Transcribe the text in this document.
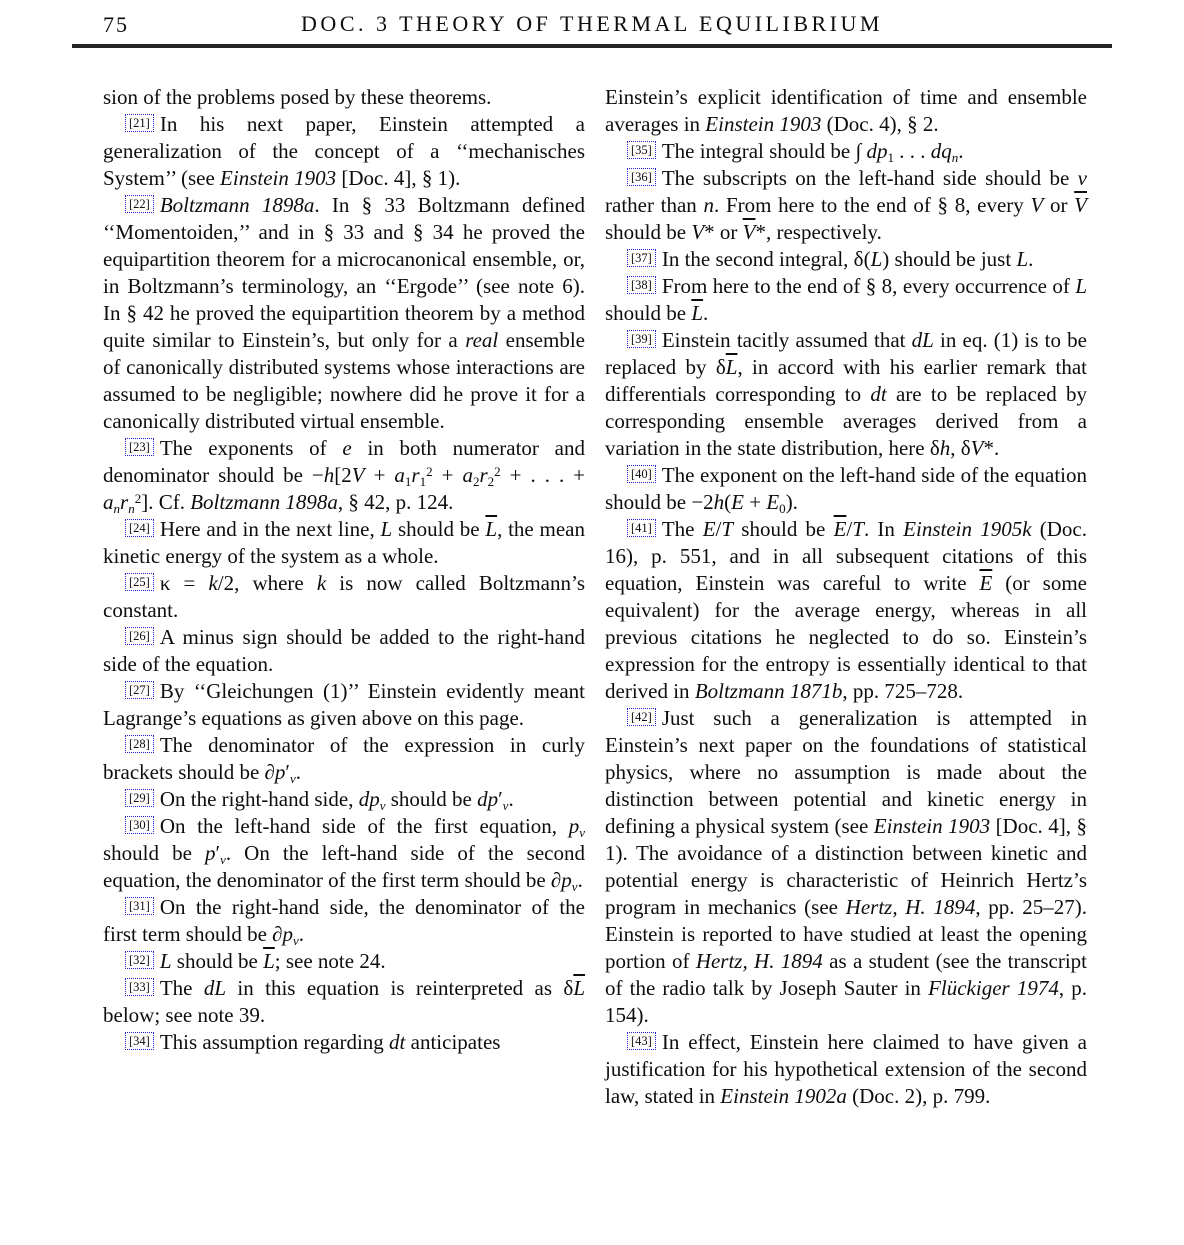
75	DOC. 3 THEORY OF THERMAL EQUILIBRIUM

sion of the problems posed by these theorems.

[21] In his next paper, Einstein attempted a generalization of the concept of a ‘‘mechanisches System’’ (see Einstein 1903 [Doc. 4], § 1).

[22] Boltzmann 1898a. In § 33 Boltzmann defined ‘‘Momentoiden,’’ and in § 33 and § 34 he proved the equipartition theorem for a microcanonical ensemble, or, in Boltzmann’s terminology, an ‘‘Ergode’’ (see note 6). In § 42 he proved the equipartition theorem by a method quite similar to Einstein’s, but only for a real ensemble of canonically distributed systems whose interactions are assumed to be negligible; nowhere did he prove it for a canonically distributed virtual ensemble.

[23] The exponents of e in both numerator and denominator should be $-h[2V + a1r1^2 + a2r2^2$ + . . . + anrn$^2$]. Cf. Boltzmann 1898a, § 42, p. 124.

[24] Here and in the next line, L should be $\overline{L}$, the mean kinetic energy of the system as a whole.

[25] κ = k/2, where k is now called Boltzmann’s constant.

[26] A minus sign should be added to the right-hand side of the equation.

[27] By ‘‘Gleichungen (1)’’ Einstein evidently meant Lagrange’s equations as given above on this page.

[28] The denominator of the expression in curly brackets should be ∂p′ν.

[29] On the right-hand side, dpν should be dp′ν.

[30] On the left-hand side of the first equation, pν should be p′ν. On the left-hand side of the second equation, the denominator of the first term should be ∂pν.

[31] On the right-hand side, the denominator of the first term should be ∂pν.

[32] L should be $\overline{L}$; see note 24.

[33] The dL in this equation is reinterpreted as $\delta\overline{L}$ below; see note 39.

[34] This assumption regarding dt anticipates

Einstein’s explicit identification of time and ensemble averages in Einstein 1903 (Doc. 4), § 2.

[35] The integral should be ∫ dp1 . . . dqn.

[36] The subscripts on the left-hand side should be ν rather than n. From here to the end of § 8, every V or $\overline{V}$ should be V* or $\overline{V}*$, respectively.

[37] In the second integral, δ(L) should be just L.

[38] From here to the end of § 8, every occurrence of L should be $\overline{L}$.

[39] Einstein tacitly assumed that dL in eq. (1) is to be replaced by $\delta\overline{L}$, in accord with his earlier remark that differentials corresponding to dt are to be replaced by corresponding ensemble averages derived from a variation in the state distribution, here δh, δV*.

[40] The exponent on the left-hand side of the equation should be −2h(E + E0).

[41] The E/T should be $\overline{E}/T$. In Einstein 1905k (Doc. 16), p. 551, and in all subsequent citations of this equation, Einstein was careful to write $\overline{E}$ (or some equivalent) for the average energy, whereas in all previous citations he neglected to do so. Einstein’s expression for the entropy is essentially identical to that derived in Boltzmann 1871b, pp. 725–728.

[42] Just such a generalization is attempted in Einstein’s next paper on the foundations of statistical physics, where no assumption is made about the distinction between potential and kinetic energy in defining a physical system (see Einstein 1903 [Doc. 4], § 1). The avoidance of a distinction between kinetic and potential energy is characteristic of Heinrich Hertz’s program in mechanics (see Hertz, H. 1894, pp. 25–27). Einstein is reported to have studied at least the opening portion of Hertz, H. 1894 as a student (see the transcript of the radio talk by Joseph Sauter in Flückiger 1974, p. 154).

[43] In effect, Einstein here claimed to have given a justification for his hypothetical extension of the second law, stated in Einstein 1902a (Doc. 2), p. 799.
